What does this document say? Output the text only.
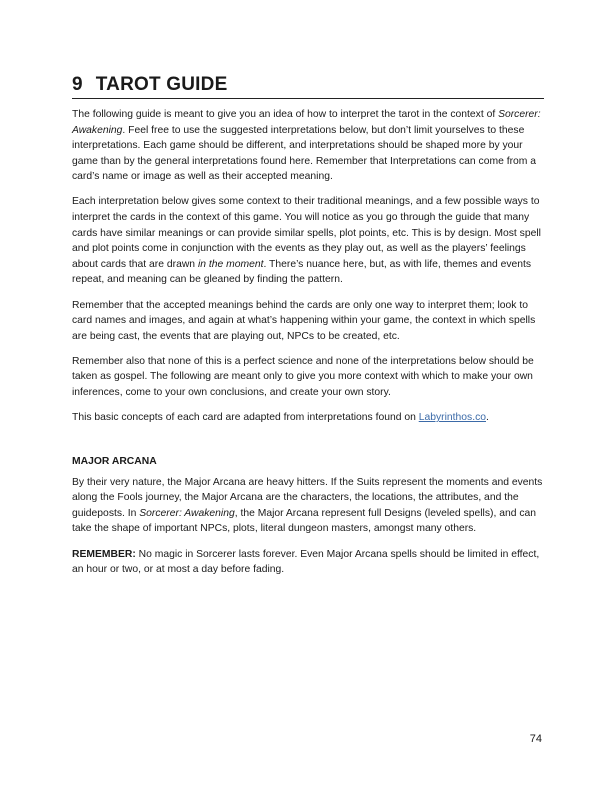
9 TAROT GUIDE

The following guide is meant to give you an idea of how to interpret the tarot in the context of Sorcerer: Awakening. Feel free to use the suggested interpretations below, but don’t limit yourselves to these interpretations. Each game should be different, and interpretations should be shaped more by your game than by the general interpretations found here. Remember that Interpretations can come from a card’s name or image as well as their accepted meaning.

Each interpretation below gives some context to their traditional meanings, and a few possible ways to interpret the cards in the context of this game. You will notice as you go through the guide that many cards have similar meanings or can provide similar spells, plot points, etc. This is by design. Most spell and plot points come in conjunction with the events as they play out, as well as the players’ feelings about cards that are drawn in the moment. There’s nuance here, but, as with life, themes and events repeat, and meaning can be gleaned by finding the pattern.

Remember that the accepted meanings behind the cards are only one way to interpret them; look to card names and images, and again at what’s happening within your game, the context in which spells are being cast, the events that are playing out, NPCs to be created, etc.

Remember also that none of this is a perfect science and none of the interpretations below should be taken as gospel. The following are meant only to give you more context with which to make your own inferences, come to your own conclusions, and create your own story.

This basic concepts of each card are adapted from interpretations found on Labyrinthos.co.

MAJOR ARCANA

By their very nature, the Major Arcana are heavy hitters. If the Suits represent the moments and events along the Fools journey, the Major Arcana are the characters, the locations, the attributes, and the guideposts. In Sorcerer: Awakening, the Major Arcana represent full Designs (leveled spells), and can take the shape of important NPCs, plots, literal dungeon masters, amongst many others.

REMEMBER: No magic in Sorcerer lasts forever. Even Major Arcana spells should be limited in effect, an hour or two, or at most a day before fading.

74
